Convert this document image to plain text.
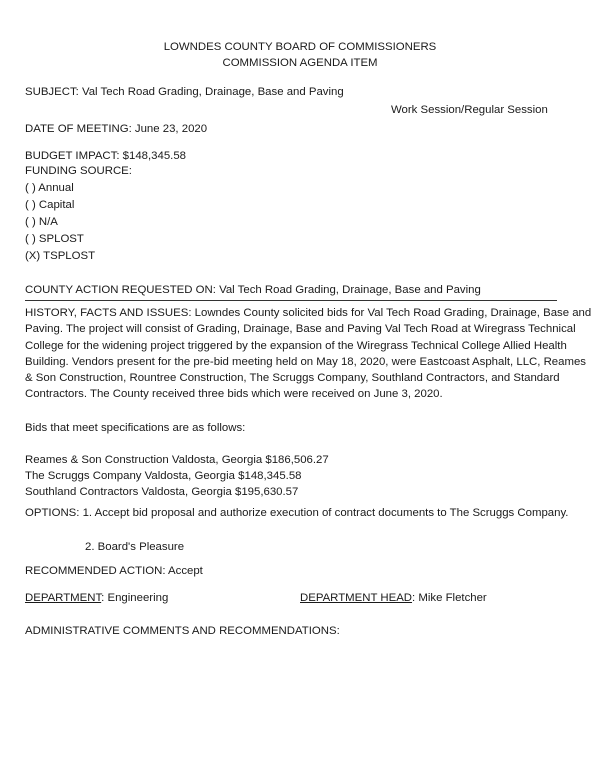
LOWNDES COUNTY BOARD OF COMMISSIONERS
COMMISSION AGENDA ITEM
SUBJECT: Val Tech Road Grading, Drainage, Base and Paving
Work Session/Regular Session
DATE OF MEETING: June 23, 2020
BUDGET IMPACT: $148,345.58
FUNDING SOURCE:
( ) Annual
( ) Capital
( ) N/A
( ) SPLOST
(X) TSPLOST
COUNTY ACTION REQUESTED ON: Val Tech Road Grading, Drainage, Base and Paving
HISTORY, FACTS AND ISSUES: Lowndes County solicited bids for Val Tech Road Grading, Drainage, Base and
Paving. The project will consist of Grading, Drainage, Base and Paving Val Tech Road at Wiregrass Technical
College for the widening project triggered by the expansion of the Wiregrass Technical College Allied Health
Building. Vendors present for the pre-bid meeting held on May 18, 2020, were Eastcoast Asphalt, LLC, Reames
& Son Construction, Rountree Construction, The Scruggs Company, Southland Contractors, and Standard
Contractors. The County received three bids which were received on June 3, 2020.
Bids that meet specifications are as follows:
Reames & Son Construction Valdosta, Georgia $186,506.27
The Scruggs Company Valdosta, Georgia $148,345.58
Southland Contractors Valdosta, Georgia $195,630.57
OPTIONS: 1. Accept bid proposal and authorize execution of contract documents to The Scruggs Company.
2. Board's Pleasure
RECOMMENDED ACTION: Accept
DEPARTMENT: Engineering	DEPARTMENT HEAD: Mike Fletcher
ADMINISTRATIVE COMMENTS AND RECOMMENDATIONS:
